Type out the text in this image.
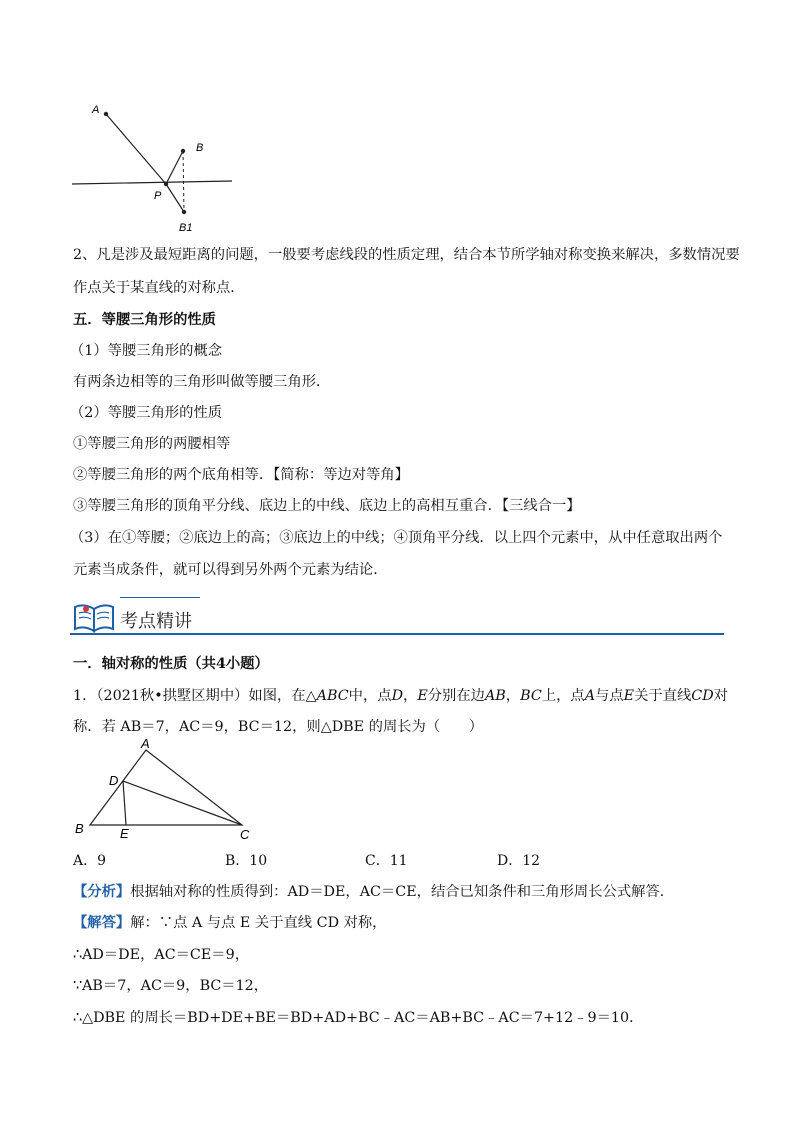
A
B
P
B1
2、凡是涉及最短距离的问题，一般要考虑线段的性质定理，结合本节所学轴对称变换来解决，多数情况要
作点关于某直线的对称点．
五．等腰三角形的性质
（1）等腰三角形的概念
有两条边相等的三角形叫做等腰三角形．
（2）等腰三角形的性质
①等腰三角形的两腰相等
②等腰三角形的两个底角相等．【简称：等边对等角】
③等腰三角形的顶角平分线、底边上的中线、底边上的高相互重合．【三线合一】
（3）在①等腰；②底边上的高；③底边上的中线；④顶角平分线．以上四个元素中，从中任意取出两个
元素当成条件，就可以得到另外两个元素为结论．
考点精讲
一．轴对称的性质（共4小题）
1．（2021秋•拱墅区期中）如图，在△ABC中，点D，E分别在边AB，BC上，点A与点E关于直线CD对
称．若 AB＝7，AC＝9，BC＝12，则△DBE 的周长为（　　）
A
D
B	E	C
A．9	B．10	C．11	D．12
【分析】根据轴对称的性质得到：AD＝DE，AC＝CE，结合已知条件和三角形周长公式解答．
【解答】解：∵点 A 与点 E 关于直线 CD 对称，
∴AD＝DE，AC＝CE＝9，
∵AB＝7，AC＝9，BC＝12，
∴△DBE 的周长＝BD+DE+BE＝BD+AD+BC﹣AC＝AB+BC﹣AC＝7+12﹣9＝10．
